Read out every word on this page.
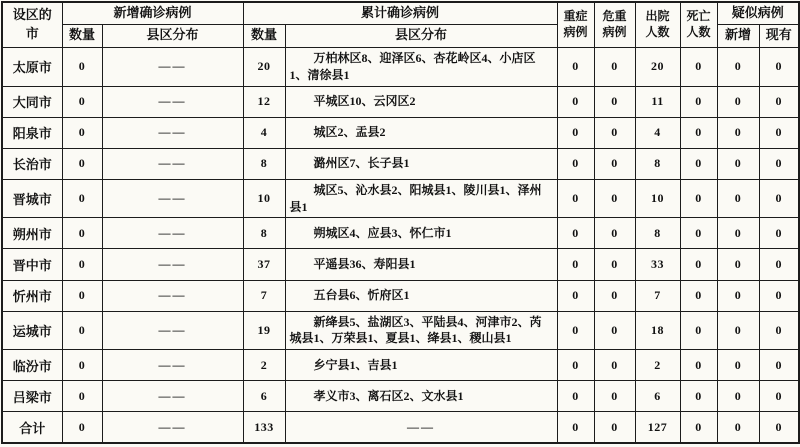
设区的市	新增确诊病例		累计确诊病例		重症病例	危重病例	出院人数	死亡人数	疑似病例	
	数量	县区分布	数量	县区分布					新增	现有
太原市	0	——	20	万柏林区8、迎泽区6、杏花岭区4、小店区1、清徐县1	0	0	20	0	0	0
大同市	0	——	12	平城区10、云冈区2	0	0	11	0	0	0
阳泉市	0	——	4	城区2、盂县2	0	0	4	0	0	0
长治市	0	——	8	潞州区7、长子县1	0	0	8	0	0	0
晋城市	0	——	10	城区5、沁水县2、阳城县1、陵川县1、泽州县1	0	0	10	0	0	0
朔州市	0	——	8	朔城区4、应县3、怀仁市1	0	0	8	0	0	0
晋中市	0	——	37	平遥县36、寿阳县1	0	0	33	0	0	0
忻州市	0	——	7	五台县6、忻府区1	0	0	7	0	0	0
运城市	0	——	19	新绛县5、盐湖区3、平陆县4、河津市2、芮城县1、万荣县1、夏县1、绛县1、稷山县1	0	0	18	0	0	0
临汾市	0	——	2	乡宁县1、吉县1	0	0	2	0	0	0
吕梁市	0	——	6	孝义市3、离石区2、文水县1	0	0	6	0	0	0
合计	0	——	133	——	0	0	127	0	0	0
